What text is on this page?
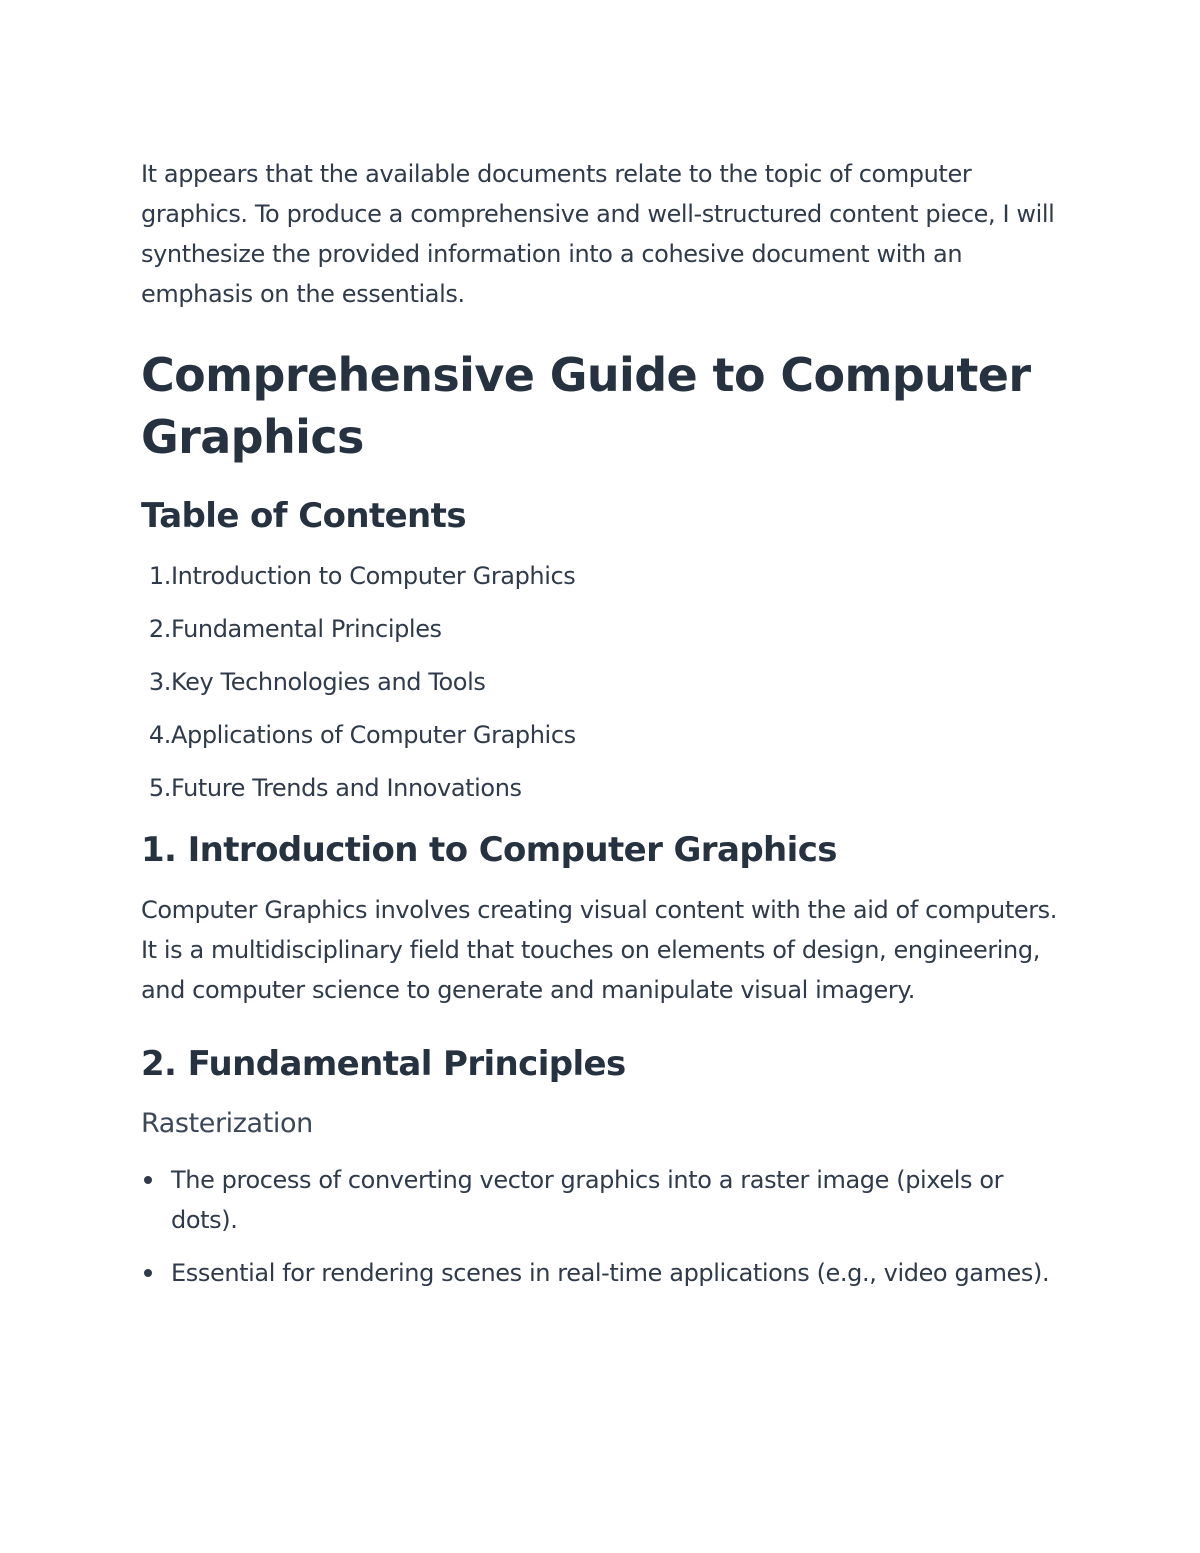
It appears that the available documents relate to the topic of computer graphics. To produce a comprehensive and well-structured content piece, I will synthesize the provided information into a cohesive document with an emphasis on the essentials.

Comprehensive Guide to Computer Graphics
Table of Contents
1. Introduction to Computer Graphics
2. Fundamental Principles
3. Key Technologies and Tools
4. Applications of Computer Graphics
5. Future Trends and Innovations
1. Introduction to Computer Graphics

Computer Graphics involves creating visual content with the aid of computers. It is a multidisciplinary field that touches on elements of design, engineering, and computer science to generate and manipulate visual imagery.

2. Fundamental Principles
Rasterization
The process of converting vector graphics into a raster image (pixels or dots).
Essential for rendering scenes in real-time applications (e.g., video games).
